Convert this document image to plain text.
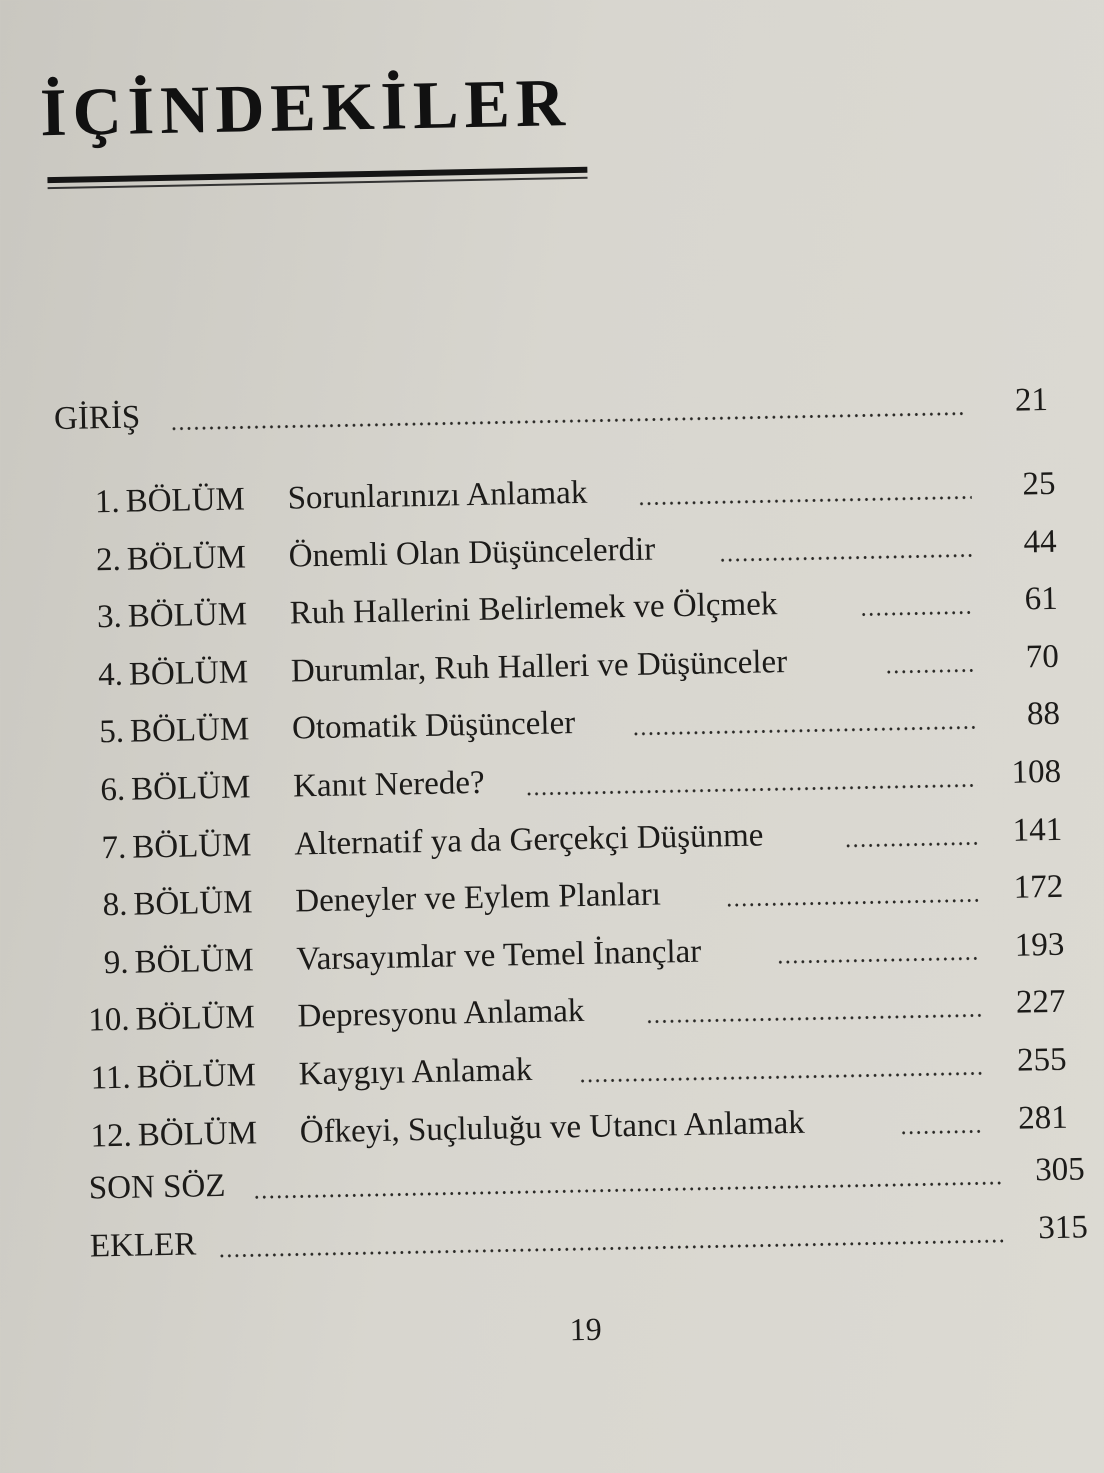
İÇİNDEKİLER
GİRİŞ	21
1. BÖLÜM Sorunlarınızı Anlamak	25
2. BÖLÜM Önemli Olan Düşüncelerdir	44
3. BÖLÜM Ruh Hallerini Belirlemek ve Ölçmek	61
4. BÖLÜM Durumlar, Ruh Halleri ve Düşünceler	70
5. BÖLÜM Otomatik Düşünceler	88
6. BÖLÜM Kanıt Nerede?	108
7. BÖLÜM Alternatif ya da Gerçekçi Düşünme	141
8. BÖLÜM Deneyler ve Eylem Planları	172
9. BÖLÜM Varsayımlar ve Temel İnançlar	193
10. BÖLÜM Depresyonu Anlamak	227
11. BÖLÜM Kaygıyı Anlamak	255
12. BÖLÜM Öfkeyi, Suçluluğu ve Utancı Anlamak	281
SON SÖZ	305
EKLER	315
19
